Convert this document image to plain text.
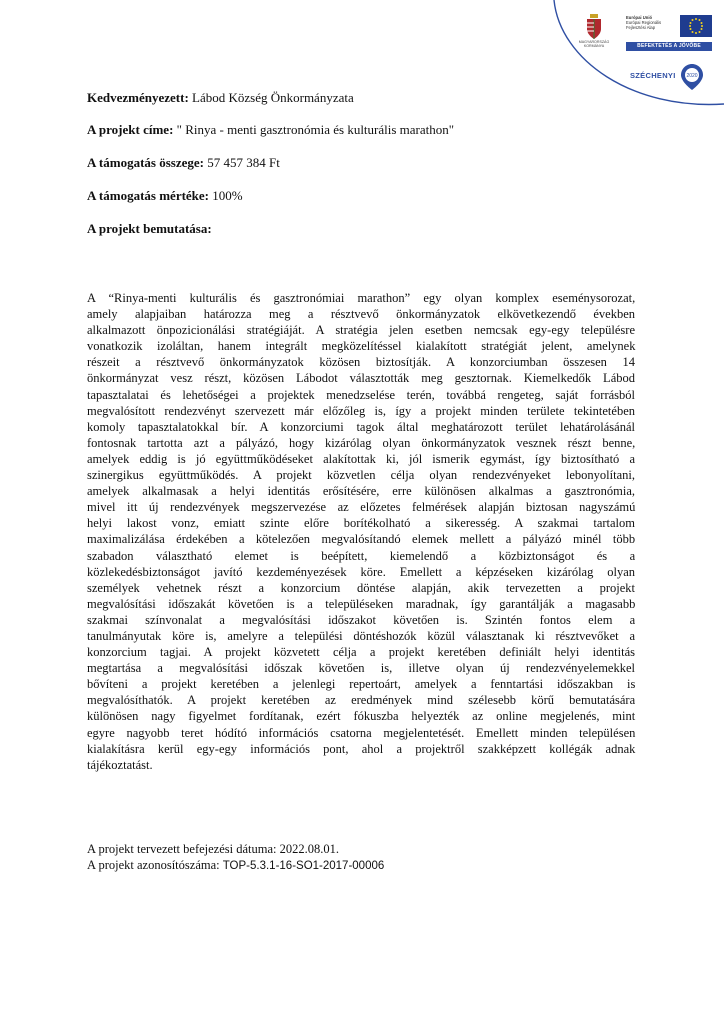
MAGYARORSZÁG KORMÁNYA
Európai Unió
Európai Regionális
Fejlesztési Alap
BEFEKTETÉS A JÖVŐBE
SZÉCHENYI 2020
Kedvezményezett: Lábod Község Önkormányzata
A projekt címe: " Rinya - menti gasztronómia és kulturális marathon"
A támogatás összege: 57 457 384 Ft
A támogatás mértéke: 100%
A projekt bemutatása:
A “Rinya-menti kulturális és gasztronómiai marathon” egy olyan komplex eseménysorozat,
amely alapjaiban határozza meg a résztvevő önkormányzatok elkövetkezendő években
alkalmazott önpozicionálási stratégiáját. A stratégia jelen esetben nemcsak egy-egy településre
vonatkozik izoláltan, hanem integrált megközelítéssel kialakított stratégiát jelent, amelynek
részeit a résztvevő önkormányzatok közösen biztosítják. A konzorciumban összesen 14
önkormányzat vesz részt, közösen Lábodot választották meg gesztornak. Kiemelkedők Lábod
tapasztalatai és lehetőségei a projektek menedzselése terén, továbbá rengeteg, saját forrásból
megvalósított rendezvényt szervezett már előzőleg is, így a projekt minden területe tekintetében
komoly tapasztalatokkal bír. A konzorciumi tagok által meghatározott terület lehatárolásánál
fontosnak tartotta azt a pályázó, hogy kizárólag olyan önkormányzatok vesznek részt benne,
amelyek eddig is jó együttműködéseket alakítottak ki, jól ismerik egymást, így biztosítható a
szinergikus együttműködés. A projekt közvetlen célja olyan rendezvényeket lebonyolítani,
amelyek alkalmasak a helyi identitás erősítésére, erre különösen alkalmas a gasztronómia,
mivel itt új rendezvények megszervezése az előzetes felmérések alapján biztosan nagyszámú
helyi lakost vonz, emiatt szinte előre borítékolható a sikeresség. A szakmai tartalom
maximalizálása érdekében a kötelezően megvalósítandó elemek mellett a pályázó minél több
szabadon választható elemet is beépített, kiemelendő a közbiztonságot és a
közlekedésbiztonságot javító kezdeményezések köre. Emellett a képzéseken kizárólag olyan
személyek vehetnek részt a konzorcium döntése alapján, akik tervezetten a projekt
megvalósítási időszakát követően is a településeken maradnak, így garantálják a magasabb
szakmai színvonalat a megvalósítási időszakot követően is. Szintén fontos elem a
tanulmányutak köre is, amelyre a települési döntéshozók közül választanak ki résztvevőket a
konzorcium tagjai. A projekt közvetett célja a projekt keretében definiált helyi identitás
megtartása a megvalósítási időszak követően is, illetve olyan új rendezvényelemekkel
bővíteni a projekt keretében a jelenlegi repertoárt, amelyek a fenntartási időszakban is
megvalósíthatók. A projekt keretében az eredmények mind szélesebb körű bemutatására
különösen nagy figyelmet fordítanak, ezért fókuszba helyezték az online megjelenés, mint
egyre nagyobb teret hódító információs csatorna megjelentetését. Emellett minden településen
kialakításra kerül egy-egy információs pont, ahol a projektről szakképzett kollégák adnak
tájékoztatást.
A projekt tervezett befejezési dátuma: 2022.08.01.
A projekt azonosítószáma: TOP-5.3.1-16-SO1-2017-00006
